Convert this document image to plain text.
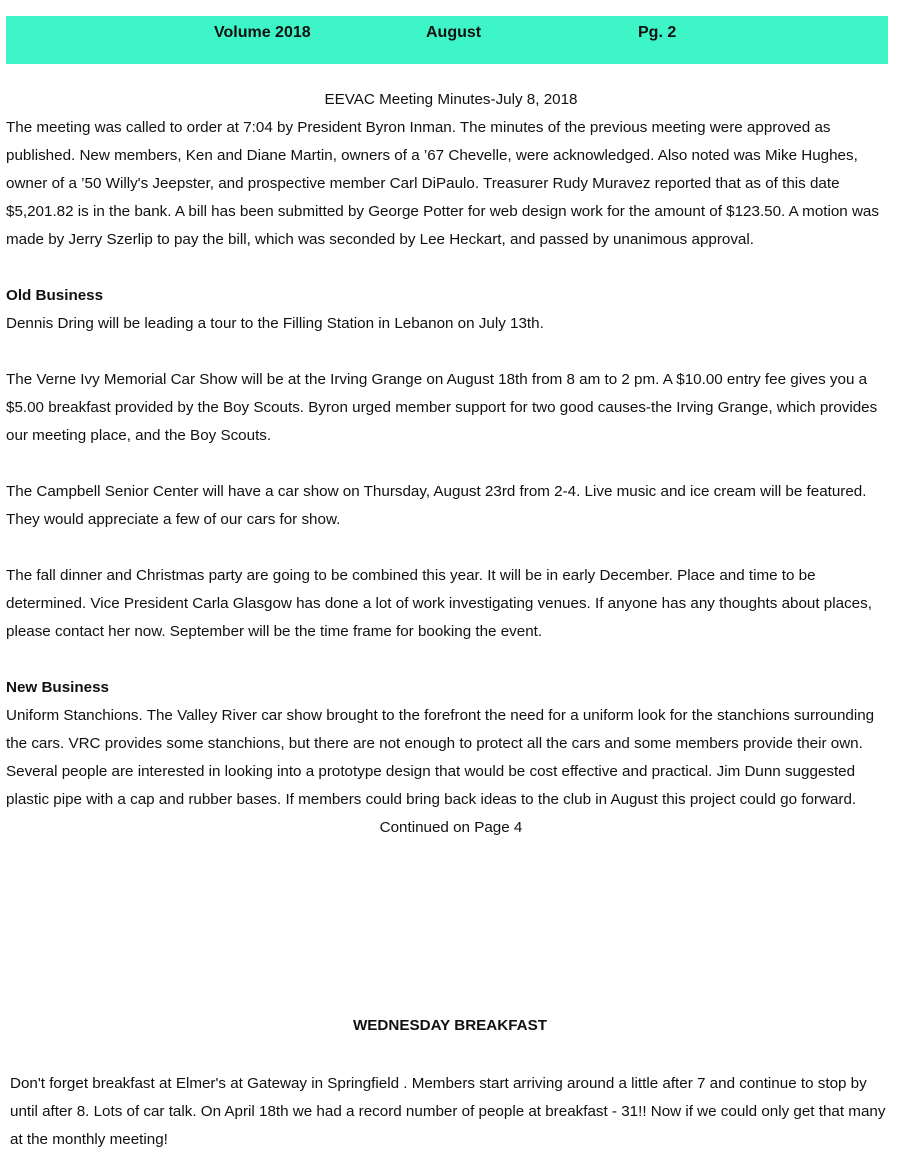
Volume 2018	August	Pg. 2

EEVAC Meeting Minutes-July 8, 2018

The meeting was called to order at 7:04 by President Byron Inman. The minutes of the previous meeting were approved as published. New members, Ken and Diane Martin, owners of a ’67 Chevelle, were acknowledged. Also noted was Mike Hughes, owner of a ’50 Willy's Jeepster, and prospective member Carl DiPaulo. Treasurer Rudy Muravez reported that as of this date $5,201.82 is in the bank. A bill has been submitted by George Potter for web design work for the amount of $123.50. A motion was made by Jerry Szerlip to pay the bill, which was seconded by Lee Heckart, and passed by unanimous approval.

Old Business

Dennis Dring will be leading a tour to the Filling Station in Lebanon on July 13th.

The Verne Ivy Memorial Car Show will be at the Irving Grange on August 18th from 8 am to 2 pm. A $10.00 entry fee gives you a $5.00 breakfast provided by the Boy Scouts. Byron urged member support for two good causes-the Irving Grange, which provides our meeting place, and the Boy Scouts.

The Campbell Senior Center will have a car show on Thursday, August 23rd from 2-4. Live music and ice cream will be featured. They would appreciate a few of our cars for show.

The fall dinner and Christmas party are going to be combined this year. It will be in early December. Place and time to be determined. Vice President Carla Glasgow has done a lot of work investigating venues. If anyone has any thoughts about places, please contact her now. September will be the time frame for booking the event.

New Business

Uniform Stanchions. The Valley River car show brought to the forefront the need for a uniform look for the stanchions surrounding the cars. VRC provides some stanchions, but there are not enough to protect all the cars and some members provide their own. Several people are interested in looking into a prototype design that would be cost effective and practical. Jim Dunn suggested plastic pipe with a cap and rubber bases. If members could bring back ideas to the club in August this project could go forward.

Continued on Page 4

WEDNESDAY BREAKFAST

Don't forget breakfast at Elmer's at Gateway in Springfield . Members start arriving around a little after 7 and continue to stop by until after 8. Lots of car talk. On April 18th we had a record number of people at breakfast - 31!! Now if we could only get that many at the monthly meeting!
